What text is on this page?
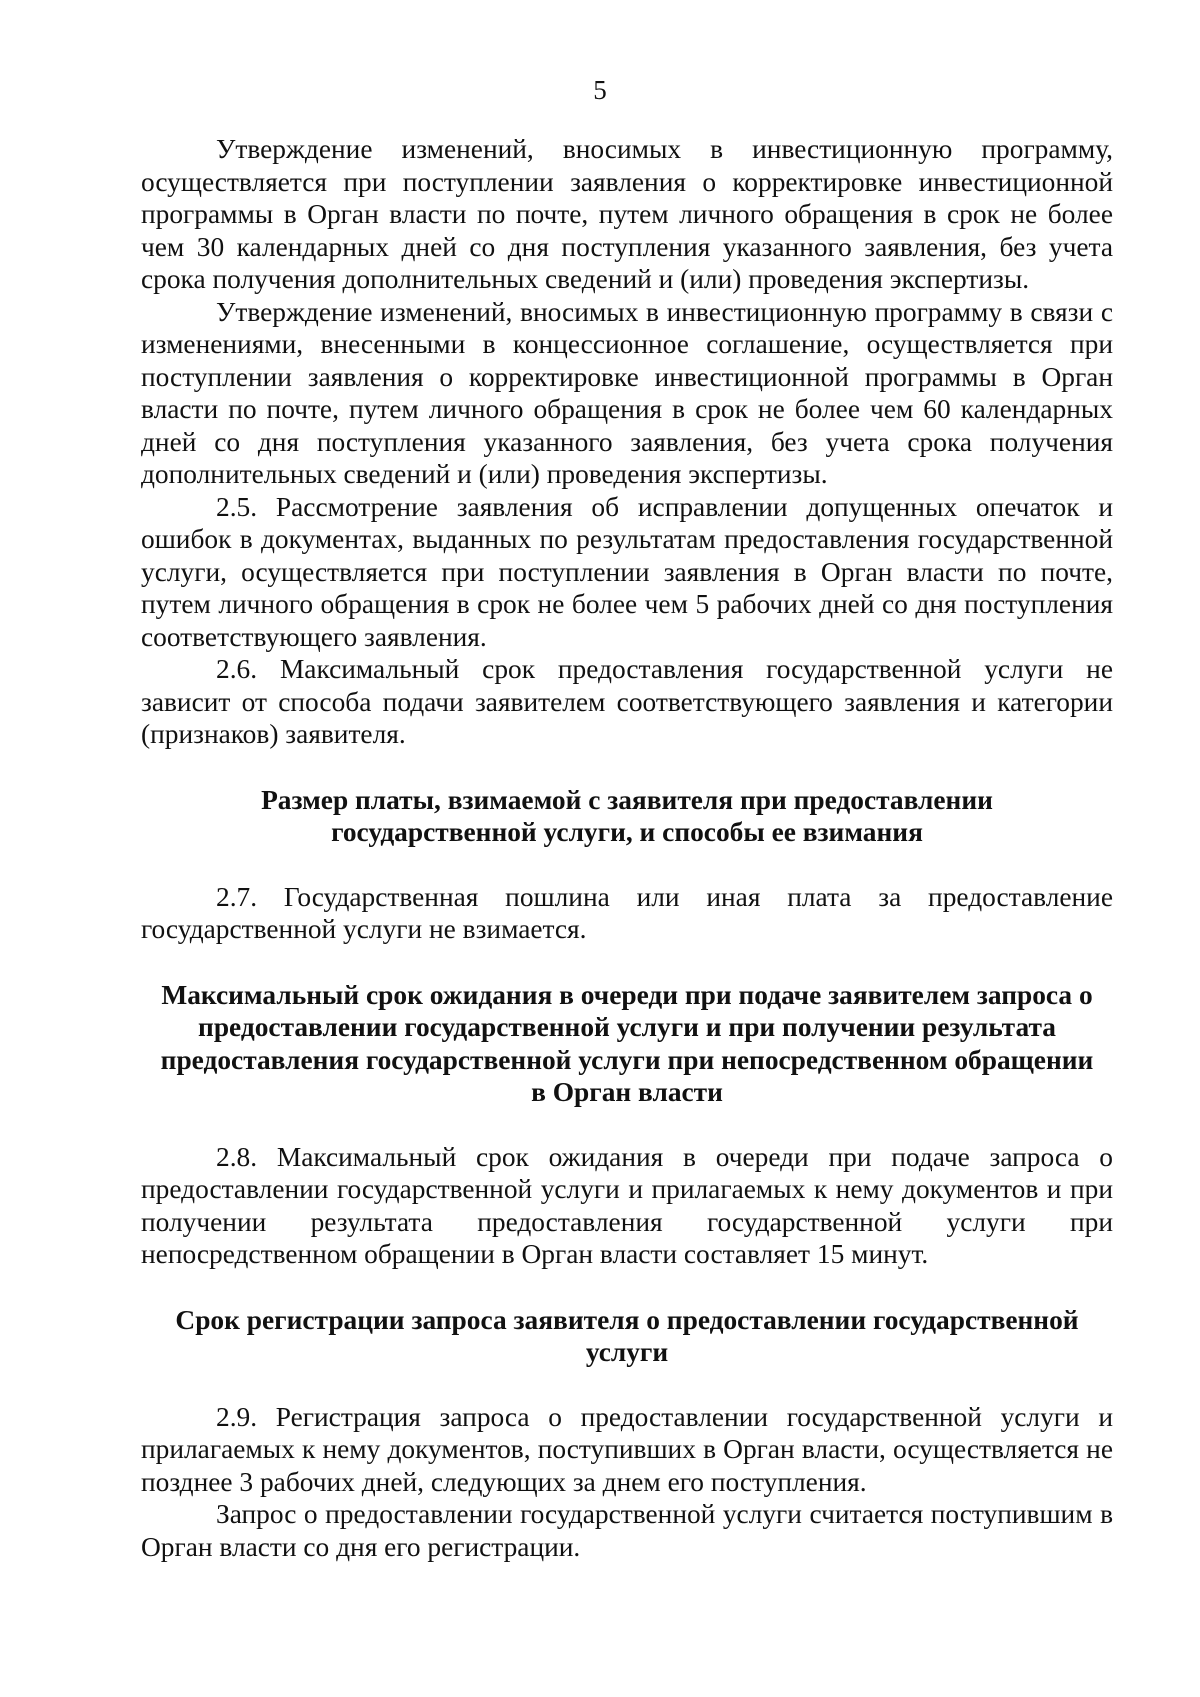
5

Утверждение изменений, вносимых в инвестиционную программу, осуществляется при поступлении заявления о корректировке инвестиционной программы в Орган власти по почте, путем личного обращения в срок не более чем 30 календарных дней со дня поступления указанного заявления, без учета срока получения дополнительных сведений и (или) проведения экспертизы.

Утверждение изменений, вносимых в инвестиционную программу в связи с изменениями, внесенными в концессионное соглашение, осуществляется при поступлении заявления о корректировке инвестиционной программы в Орган власти по почте, путем личного обращения в срок не более чем 60 календарных дней со дня поступления указанного заявления, без учета срока получения дополнительных сведений и (или) проведения экспертизы.

2.5. Рассмотрение заявления об исправлении допущенных опечаток и ошибок в документах, выданных по результатам предоставления государственной услуги, осуществляется при поступлении заявления в Орган власти по почте, путем личного обращения в срок не более чем 5 рабочих дней со дня поступления соответствующего заявления.

2.6. Максимальный срок предоставления государственной услуги не зависит от способа подачи заявителем соответствующего заявления и категории (признаков) заявителя.

Размер платы, взимаемой с заявителя при предоставлении
государственной услуги, и способы ее взимания

2.7. Государственная пошлина или иная плата за предоставление государственной услуги не взимается.

Максимальный срок ожидания в очереди при подаче заявителем запроса о
предоставлении государственной услуги и при получении результата
предоставления государственной услуги при непосредственном обращении
в Орган власти

2.8. Максимальный срок ожидания в очереди при подаче запроса о предоставлении государственной услуги и прилагаемых к нему документов и при получении результата предоставления государственной услуги при непосредственном обращении в Орган власти составляет 15 минут.

Срок регистрации запроса заявителя о предоставлении государственной
услуги

2.9. Регистрация запроса о предоставлении государственной услуги и прилагаемых к нему документов, поступивших в Орган власти, осуществляется не позднее 3 рабочих дней, следующих за днем его поступления.

Запрос о предоставлении государственной услуги считается поступившим в Орган власти со дня его регистрации.
